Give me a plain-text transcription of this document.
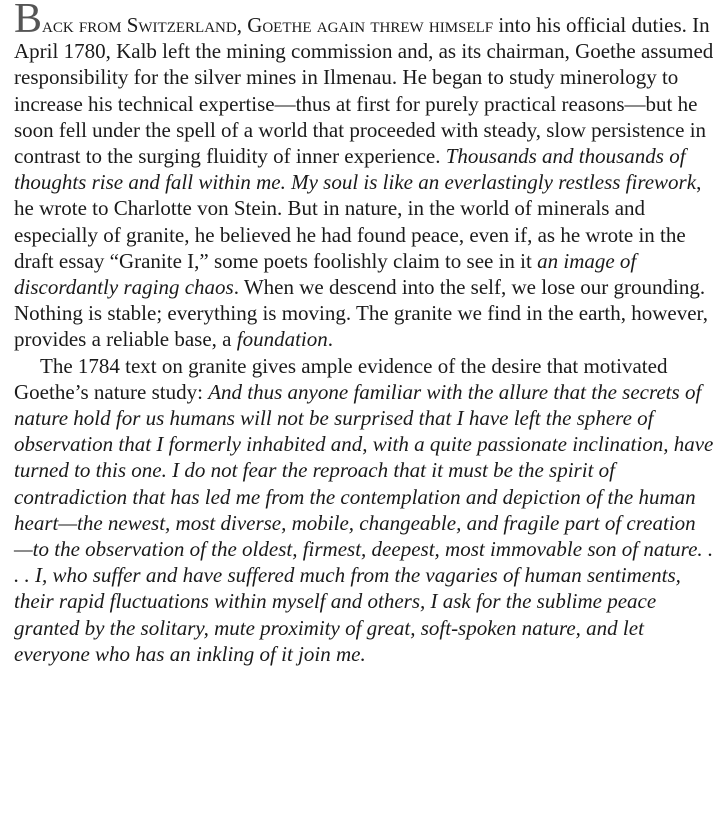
Back from Switzerland, Goethe again threw himself into his official duties. In April 1780, Kalb left the mining commission and, as its chairman, Goethe assumed responsibility for the silver mines in Ilmenau. He began to study minerology to increase his technical expertise—thus at first for purely practical reasons—but he soon fell under the spell of a world that proceeded with steady, slow persistence in contrast to the surging fluidity of inner experience. Thousands and thousands of thoughts rise and fall within me. My soul is like an everlastingly restless firework, he wrote to Charlotte von Stein. But in nature, in the world of minerals and especially of granite, he believed he had found peace, even if, as he wrote in the draft essay “Granite I,” some poets foolishly claim to see in it an image of discordantly raging chaos. When we descend into the self, we lose our grounding. Nothing is stable; everything is moving. The granite we find in the earth, however, provides a reliable base, a foundation.

The 1784 text on granite gives ample evidence of the desire that motivated Goethe’s nature study: And thus anyone familiar with the allure that the secrets of nature hold for us humans will not be surprised that I have left the sphere of observation that I formerly inhabited and, with a quite passionate inclination, have turned to this one. I do not fear the reproach that it must be the spirit of contradiction that has led me from the contemplation and depiction of the human heart—the newest, most diverse, mobile, changeable, and fragile part of creation—to the observation of the oldest, firmest, deepest, most immovable son of nature. . . . I, who suffer and have suffered much from the vagaries of human sentiments, their rapid fluctuations within myself and others, I ask for the sublime peace granted by the solitary, mute proximity of great, soft-spoken nature, and let everyone who has an inkling of it join me.
